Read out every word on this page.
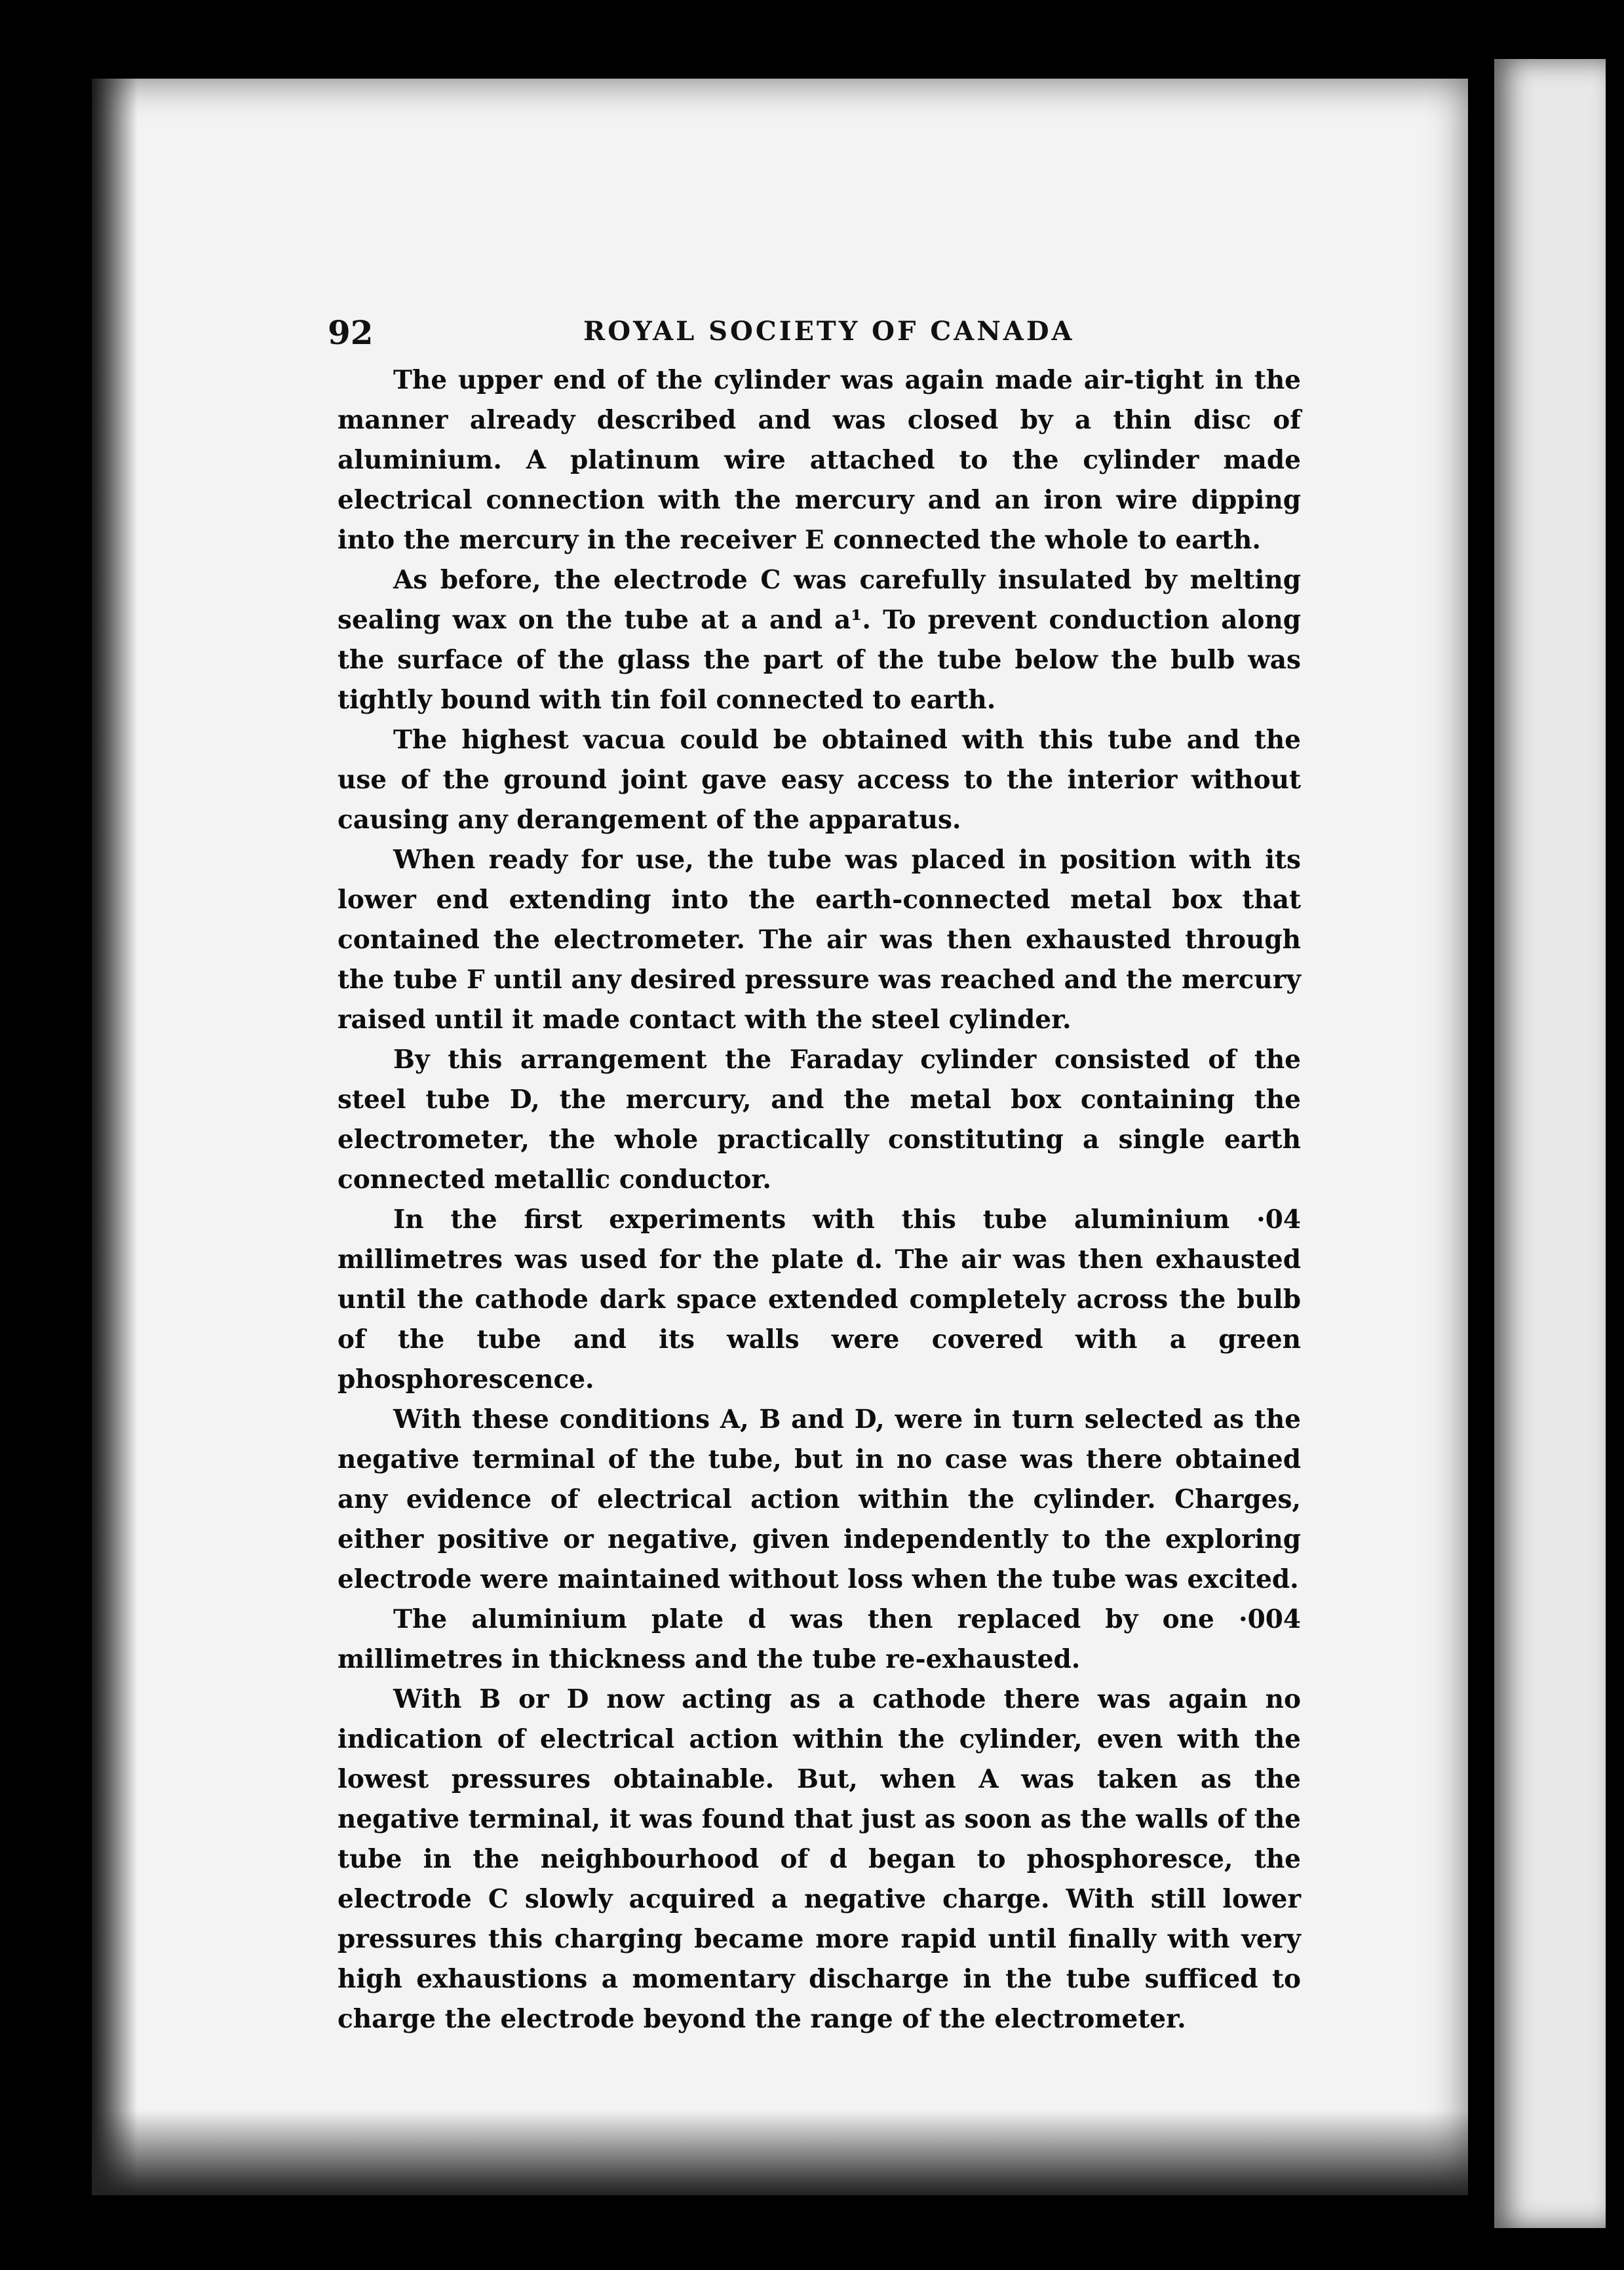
92	ROYAL SOCIETY OF CANADA

The upper end of the cylinder was again made air-tight in the manner already described and was closed by a thin disc of aluminium. A platinum wire attached to the cylinder made electrical connection with the mercury and an iron wire dipping into the mercury in the receiver E connected the whole to earth.

As before, the electrode C was carefully insulated by melting sealing wax on the tube at a and a¹. To prevent conduction along the surface of the glass the part of the tube below the bulb was tightly bound with tin foil connected to earth.

The highest vacua could be obtained with this tube and the use of the ground joint gave easy access to the interior without causing any derangement of the apparatus.

When ready for use, the tube was placed in position with its lower end extending into the earth-connected metal box that contained the electrometer. The air was then exhausted through the tube F until any desired pressure was reached and the mercury raised until it made contact with the steel cylinder.

By this arrangement the Faraday cylinder consisted of the steel tube D, the mercury, and the metal box containing the electrometer, the whole practically constituting a single earth connected metallic conductor.

In the first experiments with this tube aluminium ·04 millimetres was used for the plate d. The air was then exhausted until the cathode dark space extended completely across the bulb of the tube and its walls were covered with a green phosphorescence.

With these conditions A, B and D, were in turn selected as the negative terminal of the tube, but in no case was there obtained any evidence of electrical action within the cylinder. Charges, either positive or negative, given independently to the exploring electrode were maintained without loss when the tube was excited.

The aluminium plate d was then replaced by one ·004 millimetres in thickness and the tube re-exhausted.

With B or D now acting as a cathode there was again no indication of electrical action within the cylinder, even with the lowest pressures obtainable. But, when A was taken as the negative terminal, it was found that just as soon as the walls of the tube in the neighbourhood of d began to phosphoresce, the electrode C slowly acquired a negative charge. With still lower pressures this charging became more rapid until finally with very high exhaustions a momentary discharge in the tube sufficed to charge the electrode beyond the range of the electrometer.
